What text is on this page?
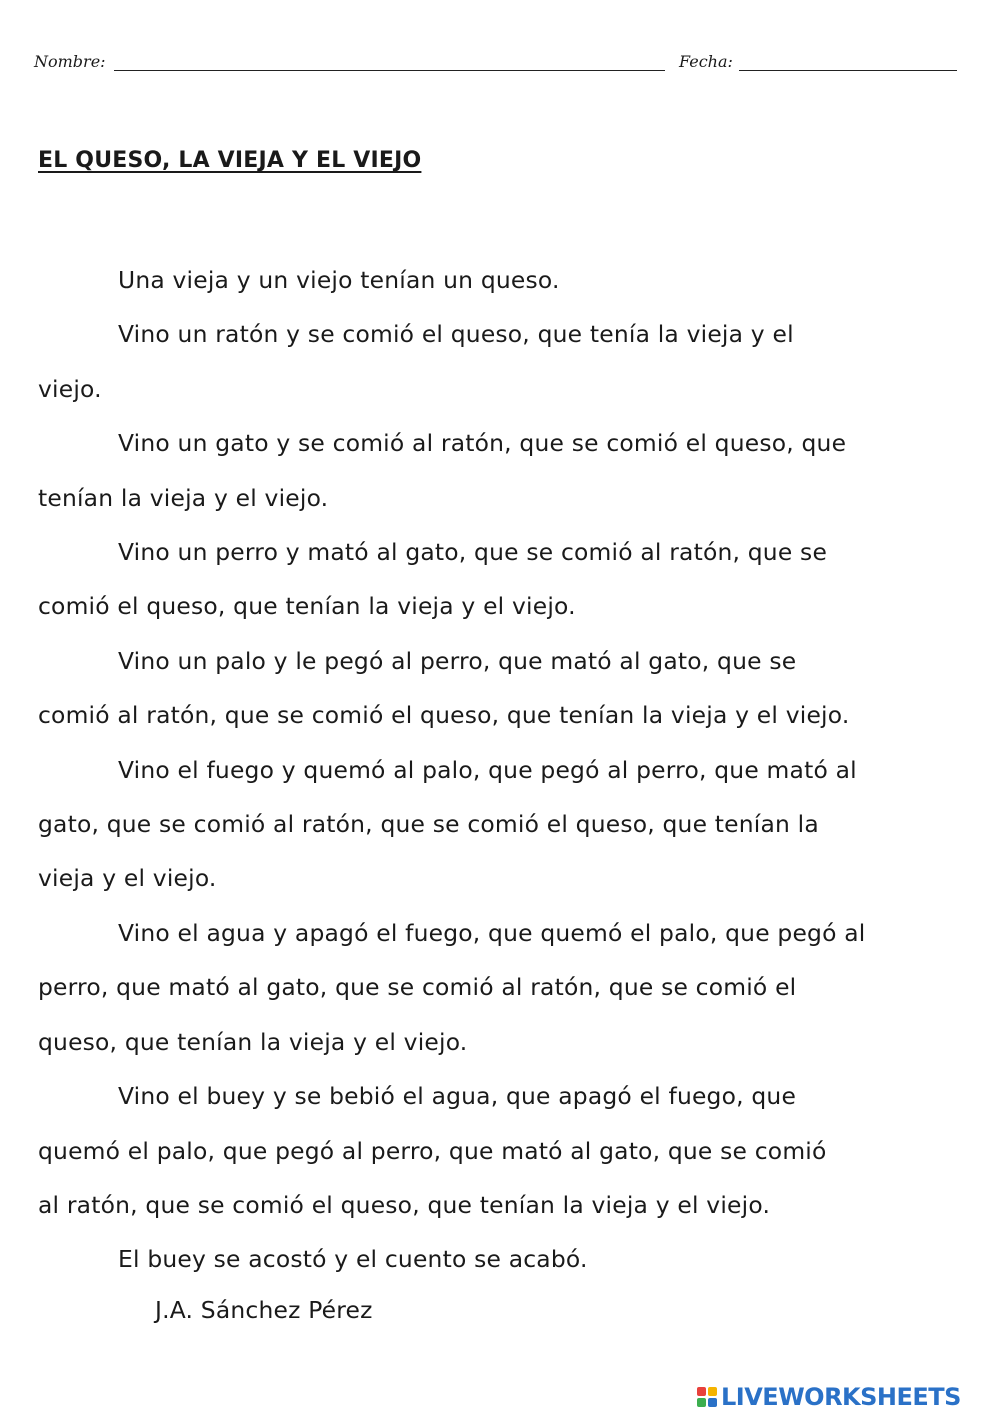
Nombre:	Fecha:
EL QUESO, LA VIEJA Y EL VIEJO
Una vieja y un viejo tenían un queso.
Vino un ratón y se comió el queso, que tenía la vieja y el
viejo.
Vino un gato y se comió al ratón, que se comió el queso, que
tenían la vieja y el viejo.
Vino un perro y mató al gato, que se comió al ratón, que se
comió el queso, que tenían la vieja y el viejo.
Vino un palo y le pegó al perro, que mató al gato, que se
comió al ratón, que se comió el queso, que tenían la vieja y el viejo.
Vino el fuego y quemó al palo, que pegó al perro, que mató al
gato, que se comió al ratón, que se comió el queso, que tenían la
vieja y el viejo.
Vino el agua y apagó el fuego, que quemó el palo, que pegó al
perro, que mató al gato, que se comió al ratón, que se comió el
queso, que tenían la vieja y el viejo.
Vino el buey y se bebió el agua, que apagó el fuego, que
quemó el palo, que pegó al perro, que mató al gato, que se comió
al ratón, que se comió el queso, que tenían la vieja y el viejo.
El buey se acostó y el cuento se acabó.
J.A. Sánchez Pérez
LIVEWORKSHEETS
